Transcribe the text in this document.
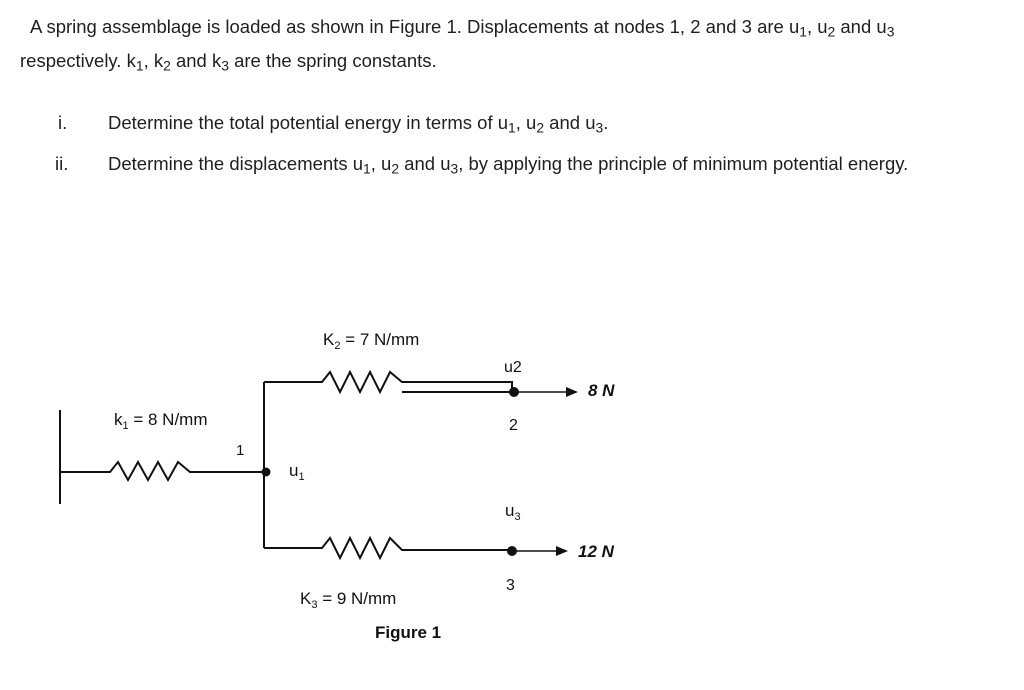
A spring assemblage is loaded as shown in Figure 1. Displacements at nodes 1, 2 and 3 are $u_1$, $u_2$ and $u_3$
respectively. $k_1$, $k_2$ and $k_3$ are the spring constants.
i. Determine the total potential energy in terms of $u_1$, $u_2$ and $u_3$.
ii. Determine the displacements $u_1$, $u_2$ and $u_3$, by applying the principle of minimum potential energy.
$k_1 = 8$ N/mm
$K_2 = 7$ N/mm
$K_3 = 9$ N/mm
1
$u_1$
u2
2
$u_3$
3
8 N
12 N
Figure 1
